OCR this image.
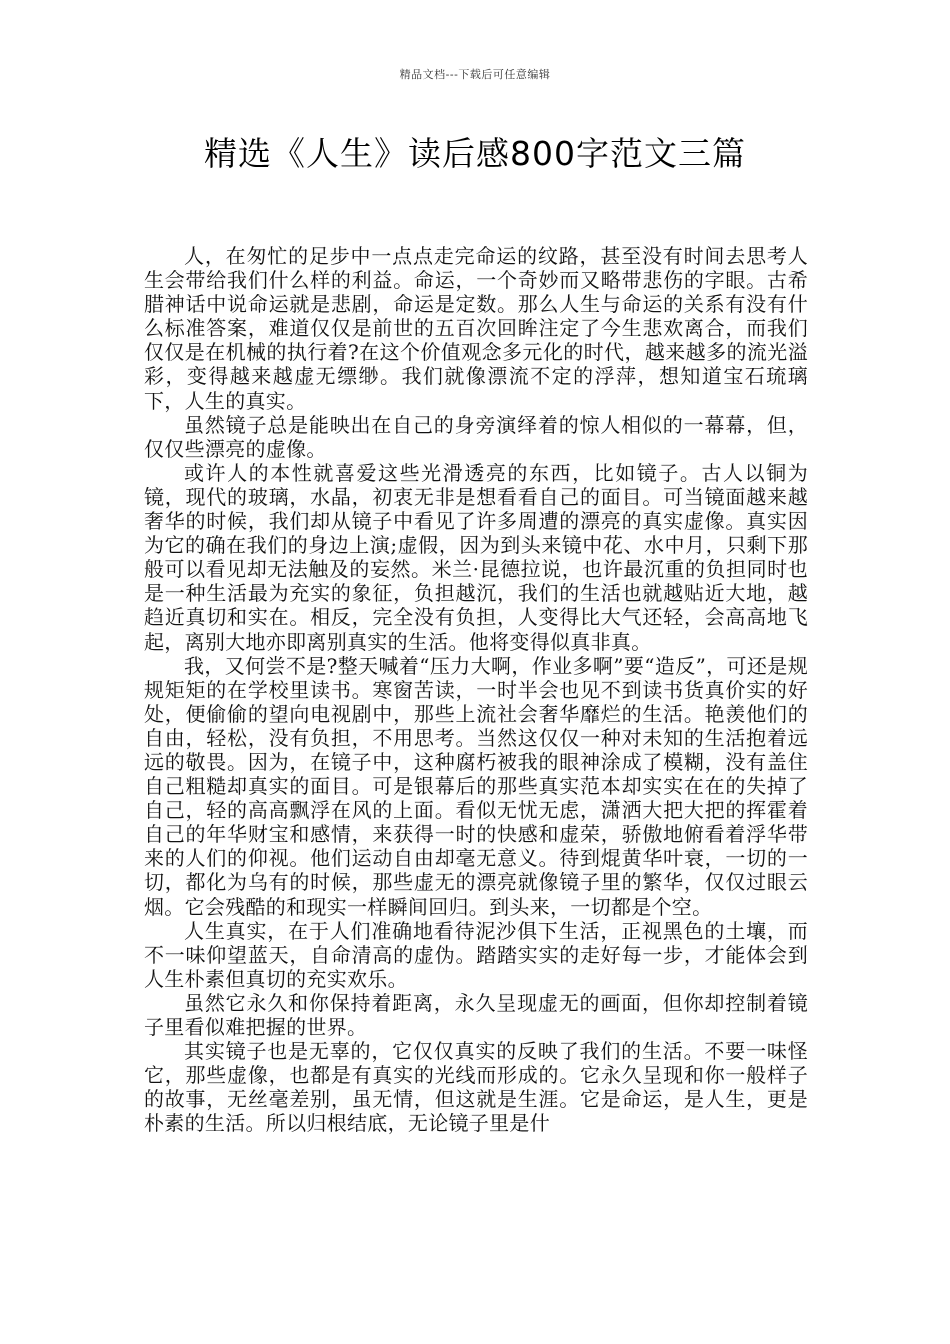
精品文档---下载后可任意编辑
精选《人生》读后感800字范文三篇

人，在匆忙的足步中一点点走完命运的纹路，甚至没有时间去思考人生会带给我们什么样的利益。命运，一个奇妙而又略带悲伤的字眼。古希腊神话中说命运就是悲剧，命运是定数。那么人生与命运的关系有没有什么标准答案，难道仅仅是前世的五百次回眸注定了今生悲欢离合，而我们仅仅是在机械的执行着?在这个价值观念多元化的时代，越来越多的流光溢彩，变得越来越虚无缥缈。我们就像漂流不定的浮萍，想知道宝石琉璃下，人生的真实。

虽然镜子总是能映出在自己的身旁演绎着的惊人相似的一幕幕，但，仅仅些漂亮的虚像。

或许人的本性就喜爱这些光滑透亮的东西，比如镜子。古人以铜为镜，现代的玻璃，水晶，初衷无非是想看看自己的面目。可当镜面越来越奢华的时候，我们却从镜子中看见了许多周遭的漂亮的真实虚像。真实因为它的确在我们的身边上演;虚假，因为到头来镜中花、水中月，只剩下那般可以看见却无法触及的妄然。米兰·昆德拉说，也许最沉重的负担同时也是一种生活最为充实的象征，负担越沉，我们的生活也就越贴近大地，越趋近真切和实在。相反，完全没有负担，人变得比大气还轻，会高高地飞起，离别大地亦即离别真实的生活。他将变得似真非真。

我，又何尝不是?整天喊着“压力大啊，作业多啊”要“造反”，可还是规规矩矩的在学校里读书。寒窗苦读，一时半会也见不到读书货真价实的好处，便偷偷的望向电视剧中，那些上流社会奢华靡烂的生活。艳羡他们的自由，轻松，没有负担，不用思考。当然这仅仅一种对未知的生活抱着远远的敬畏。因为，在镜子中，这种腐朽被我的眼神涂成了模糊，没有盖住自己粗糙却真实的面目。可是银幕后的那些真实范本却实实在在的失掉了自己，轻的高高飘浮在风的上面。看似无忧无虑，潇洒大把大把的挥霍着自己的年华财宝和感情，来获得一时的快感和虚荣，骄傲地俯看着浮华带来的人们的仰视。他们运动自由却毫无意义。待到焜黄华叶衰，一切的一切，都化为乌有的时候，那些虚无的漂亮就像镜子里的繁华，仅仅过眼云烟。它会残酷的和现实一样瞬间回归。到头来，一切都是个空。

人生真实，在于人们准确地看待泥沙俱下生活，正视黑色的土壤，而不一味仰望蓝天，自命清高的虚伪。踏踏实实的走好每一步，才能体会到人生朴素但真切的充实欢乐。

虽然它永久和你保持着距离，永久呈现虚无的画面，但你却控制着镜子里看似难把握的世界。

其实镜子也是无辜的，它仅仅真实的反映了我们的生活。不要一味怪它，那些虚像，也都是有真实的光线而形成的。它永久呈现和你一般样子的故事，无丝毫差别，虽无情，但这就是生涯。它是命运，是人生，更是朴素的生活。所以归根结底，无论镜子里是什
